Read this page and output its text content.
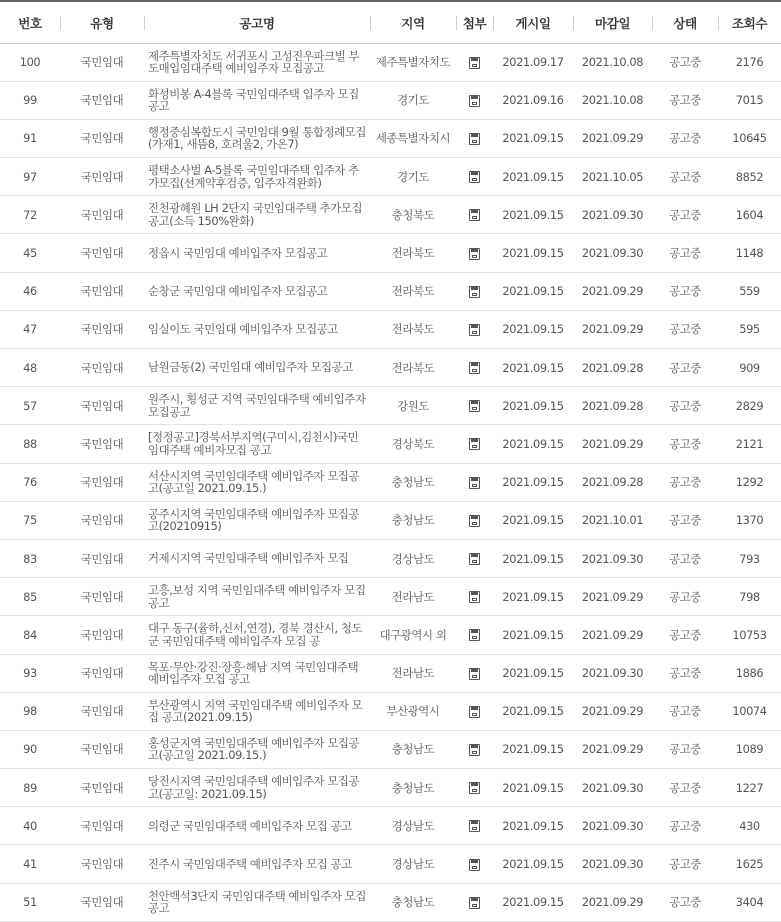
번호	유형	공고명	지역	첨부	게시일	마감일	상태	조회수
100	국민임대	제주특별자치도 서귀포시 고성진우파크빌 부도매입임대주택 예비입주자 모집공고	제주특별자치도		2021.09.17	2021.10.08	공고중	2176
99	국민임대	화성비봉 A-4블록 국민임대주택 입주자 모집 공고	경기도		2021.09.16	2021.10.08	공고중	7015
91	국민임대	행정중심복합도시 국민임대 9월 통합정례모집(가재1, 새뜸8, 호려울2, 가온7)	세종특별자치시		2021.09.15	2021.09.29	공고중	10645
97	국민임대	평택소사벌 A-5블록 국민임대주택 입주자 추가모집(선계약후검증, 입주자격완화)	경기도		2021.09.15	2021.10.05	공고중	8852
72	국민임대	진천광혜원 LH 2단지 국민임대주택 추가모집 공고(소득 150%완화)	충청북도		2021.09.15	2021.09.30	공고중	1604
45	국민임대	정읍시 국민임대 예비입주자 모집공고	전라북도		2021.09.15	2021.09.30	공고중	1148
46	국민임대	순창군 국민임대 예비입주자 모집공고	전라북도		2021.09.15	2021.09.29	공고중	559
47	국민임대	임실이도 국민임대 예비입주자 모집공고	전라북도		2021.09.15	2021.09.29	공고중	595
48	국민임대	남원금동(2) 국민임대 예비입주자 모집공고	전라북도		2021.09.15	2021.09.28	공고중	909
57	국민임대	원주시, 횡성군 지역 국민임대주택 예비입주자 모집공고	강원도		2021.09.15	2021.09.28	공고중	2829
88	국민임대	[정정공고]경북서부지역(구미시,김천시)국민임대주택 예비자모집 공고	경상북도		2021.09.15	2021.09.29	공고중	2121
76	국민임대	서산시지역 국민임대주택 예비입주자 모집공고(공고일 2021.09.15.)	충청남도		2021.09.15	2021.09.28	공고중	1292
75	국민임대	공주시지역 국민임대주택 예비입주자 모집공고(20210915)	충청남도		2021.09.15	2021.10.01	공고중	1370
83	국민임대	거제시지역 국민임대주택 예비입주자 모집	경상남도		2021.09.15	2021.09.30	공고중	793
85	국민임대	고흥,보성 지역 국민임대주택 예비입주자 모집 공고	전라남도		2021.09.15	2021.09.29	공고중	798
84	국민임대	대구 동구(율하,신서,연경), 경북 경산시, 청도군 국민임대주택 예비입주자 모집 공	대구광역시 외		2021.09.15	2021.09.29	공고중	10753
93	국민임대	목포·무안·강진·장흥·해남 지역 국민임대주택 예비입주자 모집 공고	전라남도		2021.09.15	2021.09.30	공고중	1886
98	국민임대	부산광역시 지역 국민임대주택 예비입주자 모집 공고(2021.09.15)	부산광역시		2021.09.15	2021.09.29	공고중	10074
90	국민임대	홍성군지역 국민임대주택 예비입주자 모집공고(공고일 2021.09.15.)	충청남도		2021.09.15	2021.09.29	공고중	1089
89	국민임대	당진시지역 국민임대주택 예비입주자 모집공고(공고일: 2021.09.15)	충청남도		2021.09.15	2021.09.30	공고중	1227
40	국민임대	의령군 국민임대주택 예비입주자 모집 공고	경상남도		2021.09.15	2021.09.30	공고중	430
41	국민임대	진주시 국민임대주택 예비입주자 모집 공고	경상남도		2021.09.15	2021.09.30	공고중	1625
51	국민임대	천안백석3단지 국민임대주택 예비입주자 모집공고	충청남도		2021.09.15	2021.09.29	공고중	3404
